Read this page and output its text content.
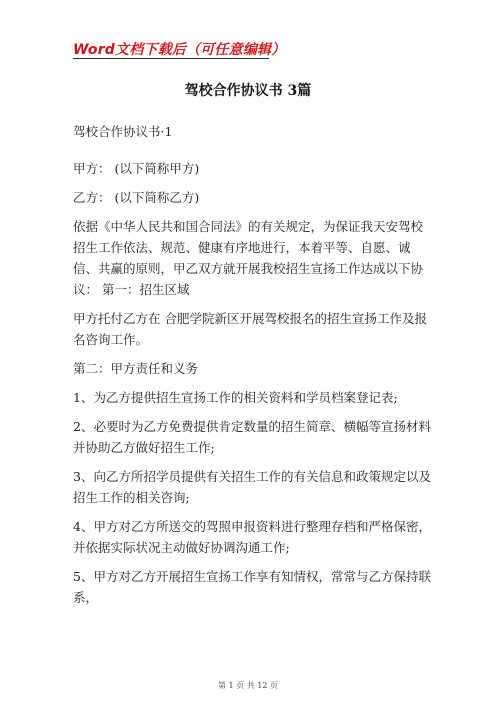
Word文档下载后（可任意编辑）
驾校合作协议书 3篇

驾校合作协议书·1

甲方： (以下简称甲方)

乙方： (以下简称乙方)

依据《中华人民共和国合同法》的有关规定，为保证我天安驾校招生工作依法、规范、健康有序地进行，本着平等、自愿、诚信、共赢的原则，甲乙双方就开展我校招生宣扬工作达成以下协议： 第一：招生区域

甲方托付乙方在 合肥学院新区开展驾校报名的招生宣扬工作及报名咨询工作。

第二：甲方责任和义务

1、为乙方提供招生宣扬工作的相关资料和学员档案登记表;

2、必要时为乙方免费提供肯定数量的招生简章、横幅等宣扬材料并协助乙方做好招生工作;

3、向乙方所招学员提供有关招生工作的有关信息和政策规定以及招生工作的相关咨询;

4、甲方对乙方所送交的驾照申报资料进行整理存档和严格保密，并依据实际状况主动做好协调沟通工作;

5、甲方对乙方开展招生宣扬工作享有知情权，常常与乙方保持联系，

第 1 页 共 12 页
